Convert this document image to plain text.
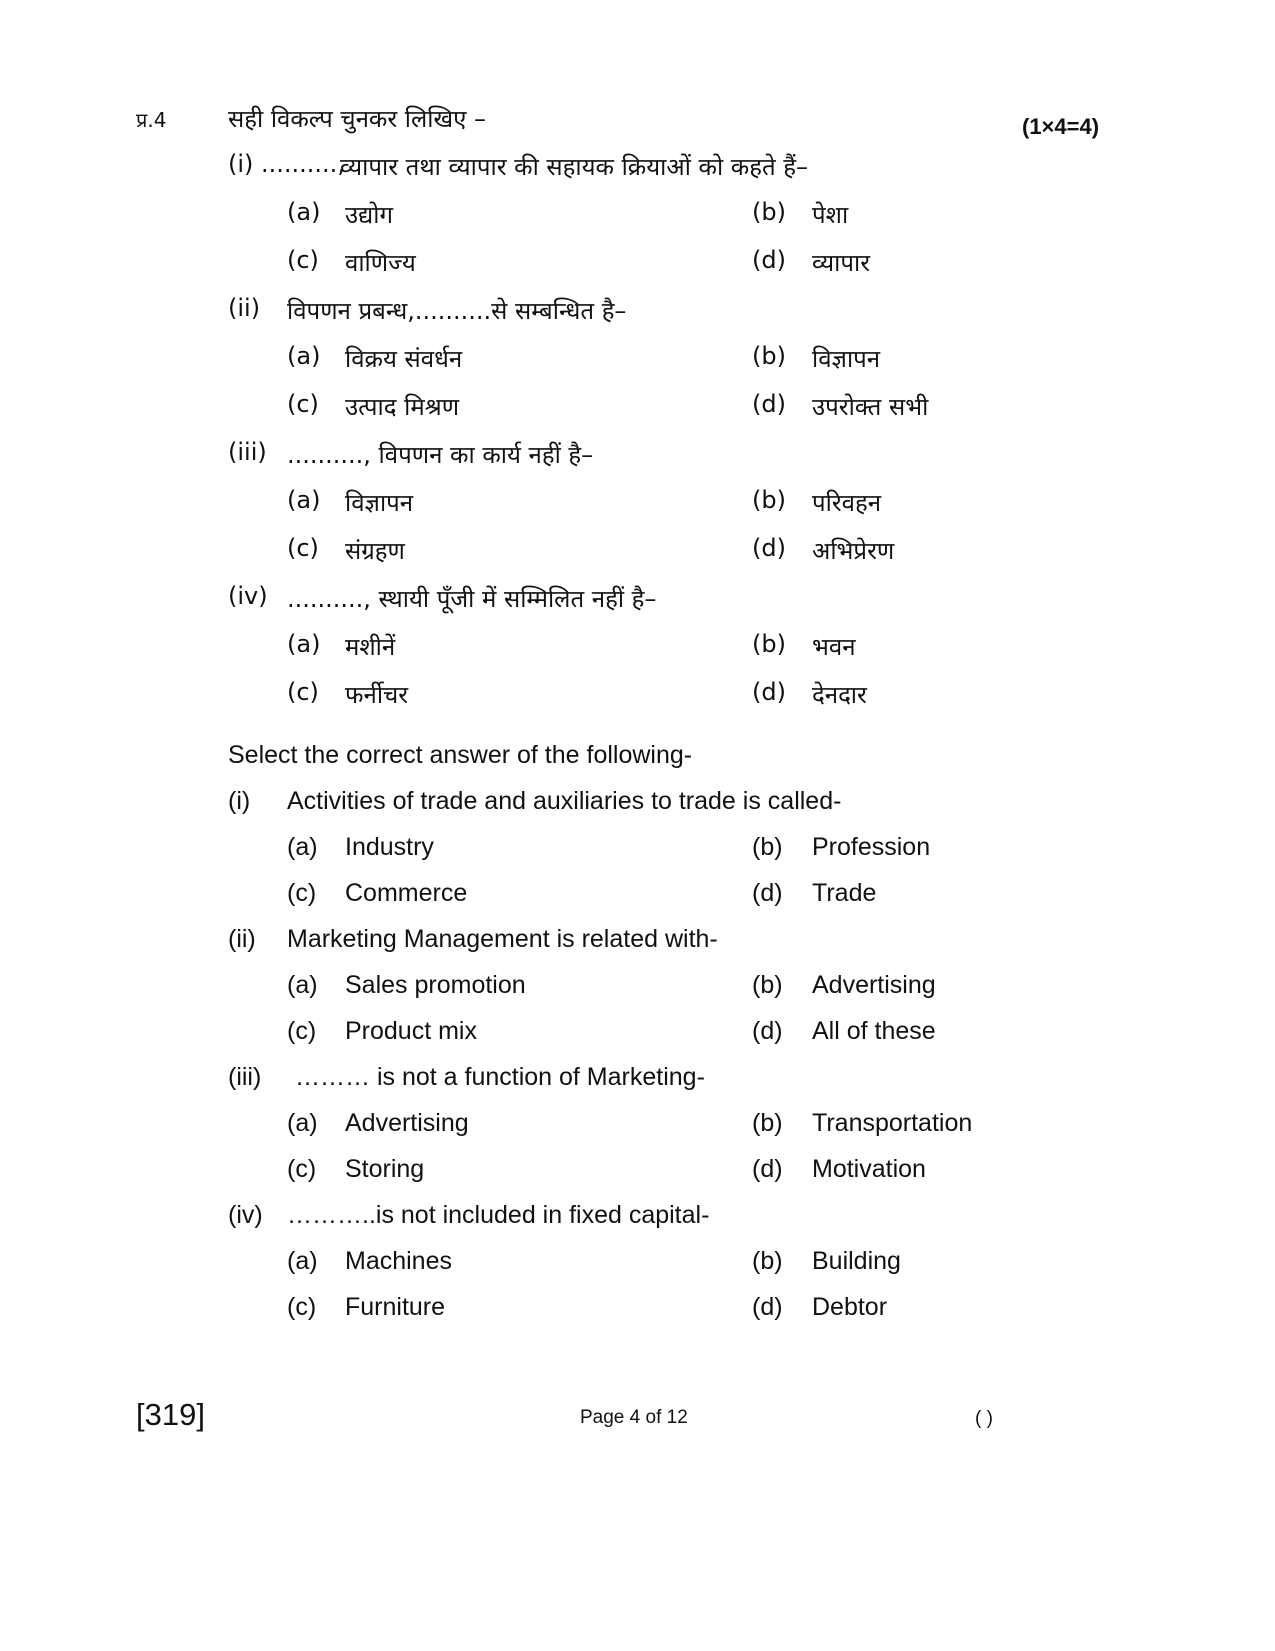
प्र.4	सही विकल्प चुनकर लिखिए –	(1×4=4)
(i) ..........,
व्यापार तथा व्यापार की सहायक क्रियाओं को कहते हैं–
(a) उद्योग	(b) पेशा
(c) वाणिज्य	(d) व्यापार
(ii) विपणन प्रबन्ध,..........से सम्बन्धित है–
(a) विक्रय संवर्धन	(b) विज्ञापन
(c) उत्पाद मिश्रण	(d) उपरोक्त सभी
(iii) .........., विपणन का कार्य नहीं है–
(a) विज्ञापन	(b) परिवहन
(c) संग्रहण	(d) अभिप्रेरण
(iv) .........., स्थायी पूँजी में सम्मिलित नहीं है–
(a) मशीनें	(b) भवन
(c) फर्नीचर	(d) देनदार
Select the correct answer of the following-
(i) Activities of trade and auxiliaries to trade is called-
(a) Industry	(b) Profession
(c) Commerce	(d) Trade
(ii) Marketing Management is related with-
(a) Sales promotion	(b) Advertising
(c) Product mix	(d) All of these
(iii) ……… is not a function of Marketing-
(a) Advertising	(b) Transportation
(c) Storing	(d) Motivation
(iv) ………..is not included in fixed capital-
(a) Machines	(b) Building
(c) Furniture	(d) Debtor
[319]	Page 4 of 12	( )
